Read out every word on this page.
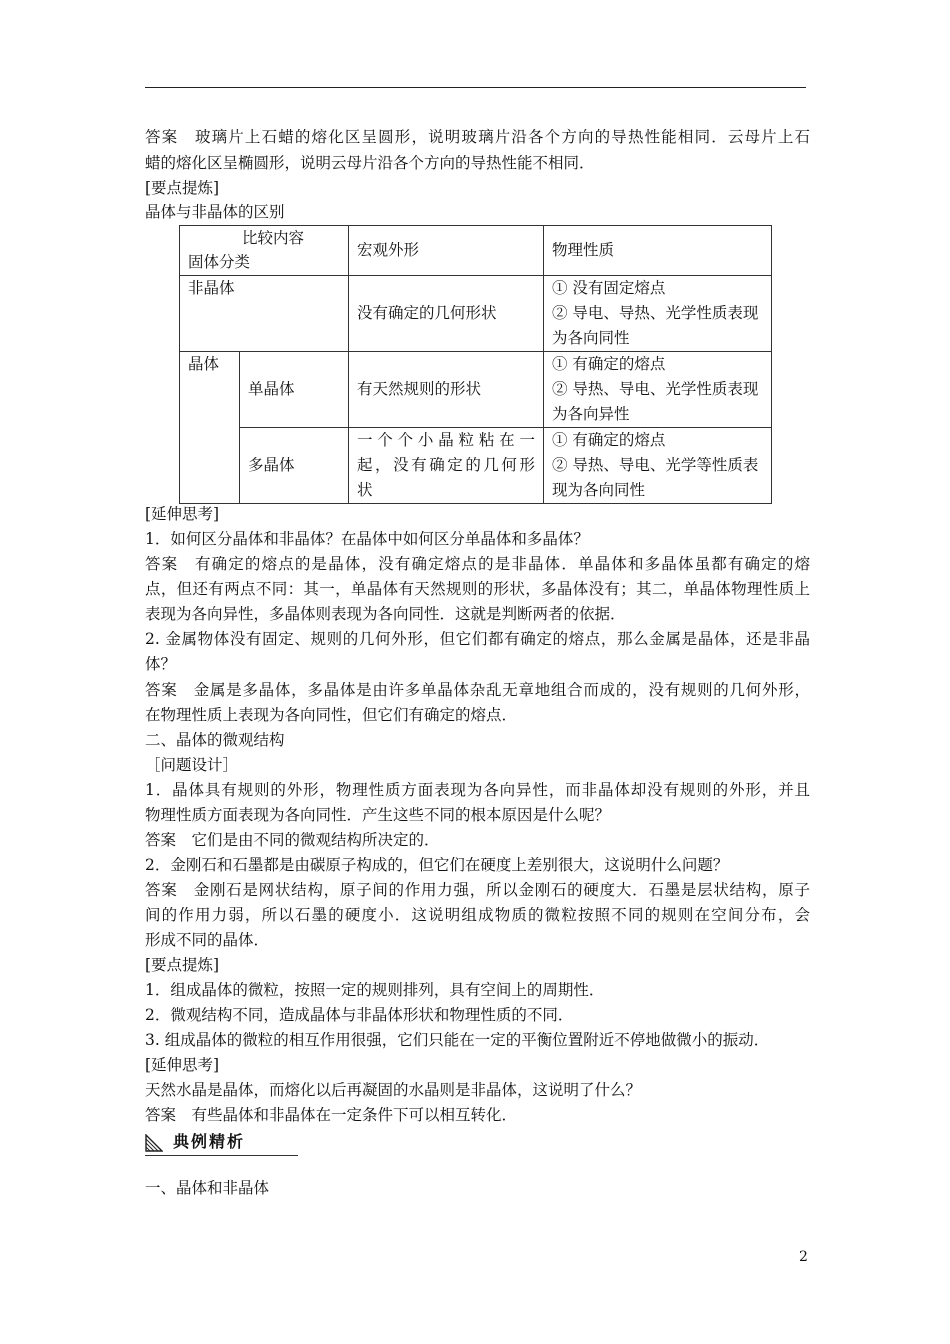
答案　玻璃片上石蜡的熔化区呈圆形，说明玻璃片沿各个方向的导热性能相同．云母片上石
蜡的熔化区呈椭圆形，说明云母片沿各个方向的导热性能不相同．
[要点提炼]
晶体与非晶体的区别
比较内容
固体分类		宏观外形	物理性质
非晶体		没有确定的几何形状	① 没有固定熔点
② 导电、导热、光学性质表现
为各向同性

晶体	单晶体	有天然规则的形状	① 有确定的熔点
② 导热、导电、光学性质表现
为各向异性

	多晶体	一个个小晶粒粘在一
起，没有确定的几何形
状	① 有确定的熔点
② 导热、导电、光学等性质表
现为各向同性
[延伸思考]
1．如何区分晶体和非晶体？在晶体中如何区分单晶体和多晶体？
答案　有确定的熔点的是晶体，没有确定熔点的是非晶体．单晶体和多晶体虽都有确定的熔
点，但还有两点不同：其一，单晶体有天然规则的形状，多晶体没有；其二，单晶体物理性质上
表现为各向异性，多晶体则表现为各向同性．这就是判断两者的依据．
2. 金属物体没有固定、规则的几何外形，但它们都有确定的熔点，那么金属是晶体，还是非晶
体？
答案　金属是多晶体，多晶体是由许多单晶体杂乱无章地组合而成的，没有规则的几何外形，
在物理性质上表现为各向同性，但它们有确定的熔点．
二、晶体的微观结构
［问题设计］
1．晶体具有规则的外形，物理性质方面表现为各向异性，而非晶体却没有规则的外形，并且
物理性质方面表现为各向同性．产生这些不同的根本原因是什么呢？
答案　它们是由不同的微观结构所决定的．
2．金刚石和石墨都是由碳原子构成的，但它们在硬度上差别很大，这说明什么问题？
答案　金刚石是网状结构，原子间的作用力强，所以金刚石的硬度大．石墨是层状结构，原子
间的作用力弱，所以石墨的硬度小．这说明组成物质的微粒按照不同的规则在空间分布，会
形成不同的晶体．
[要点提炼]
1．组成晶体的微粒，按照一定的规则排列，具有空间上的周期性．
2．微观结构不同，造成晶体与非晶体形状和物理性质的不同．
3. 组成晶体的微粒的相互作用很强，它们只能在一定的平衡位置附近不停地做微小的振动．
[延伸思考]
天然水晶是晶体，而熔化以后再凝固的水晶则是非晶体，这说明了什么？
答案　有些晶体和非晶体在一定条件下可以相互转化．
典例精析
一、晶体和非晶体
2
